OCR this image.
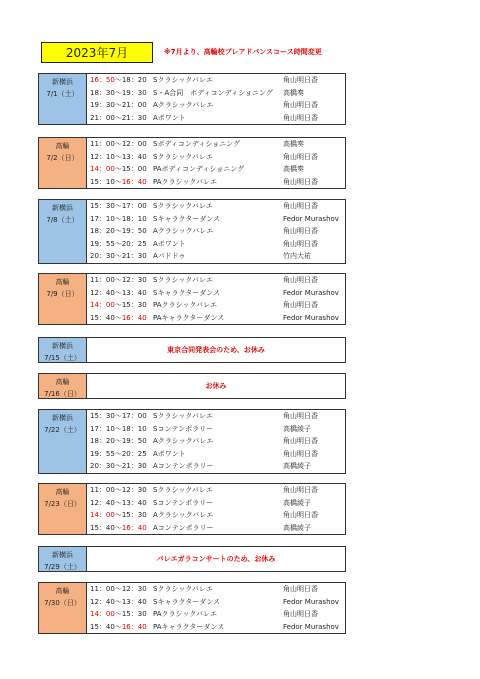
2023年7月	※7月より、高輪校プレアドバンスコース時間変更
新横浜
7/1（土）
16：50～18：20 Sクラシックバレエ	角山明日香
18：30～19：30 S・A合同　ボディコンディショニング	高橋奏
19：30～21：00 Aクラシックバレエ	角山明日香
21：00～21：30 Aポワント	角山明日香
高輪
7/2（日）
11：00～12：00 Sボディコンディショニング	高橋奏
12：10～13：40 Sクラシックバレエ	角山明日香
14：00～15：00 PAボディコンディショニング	高橋奏
15：10～16：40 PAクラシックバレエ	角山明日香
新横浜
7/8（土）
15：30～17：00 Sクラシックバレエ	角山明日香
17：10～18：10 Sキャラクターダンス	Fedor Murashov
18：20～19：50 Aクラシックバレエ	角山明日香
19：55～20：25 Aポワント	角山明日香
20：30～21：30 Aパドドゥ	竹内大祐
高輪
7/9（日）
11：00～12：30 Sクラシックバレエ	角山明日香
12：40～13：40 Sキャラクターダンス	Fedor Murashov
14：00～15：30 PAクラシックバレエ	角山明日香
15：40～16：40 PAキャラクターダンス	Fedor Murashov
新横浜
7/15（土）
東京合同発表会のため、お休み
高輪
7/16（日）
お休み
新横浜
7/22（土）
15：30～17：00 Sクラシックバレエ	角山明日香
17：10～18：10 Sコンテンポラリー	高橋綾子
18：20～19：50 Aクラシックバレエ	角山明日香
19：55～20：25 Aポワント	角山明日香
20：30～21：30 Aコンテンポラリー	高橋綾子
高輪
7/23（日）
11：00～12：30 Sクラシックバレエ	角山明日香
12：40～13：40 Sコンテンポラリー	高橋綾子
14：00～15：30 Aクラシックバレエ	角山明日香
15：40～16：40 Aコンテンポラリー	高橋綾子
新横浜
7/29（土）
バレエガラコンサートのため、お休み
高輪
7/30（日）
11：00～12：30 Sクラシックバレエ	角山明日香
12：40～13：40 Sキャラクターダンス	Fedor Murashov
14：00～15：30 PAクラシックバレエ	角山明日香
15：40～16：40 PAキャラクターダンス	Fedor Murashov
